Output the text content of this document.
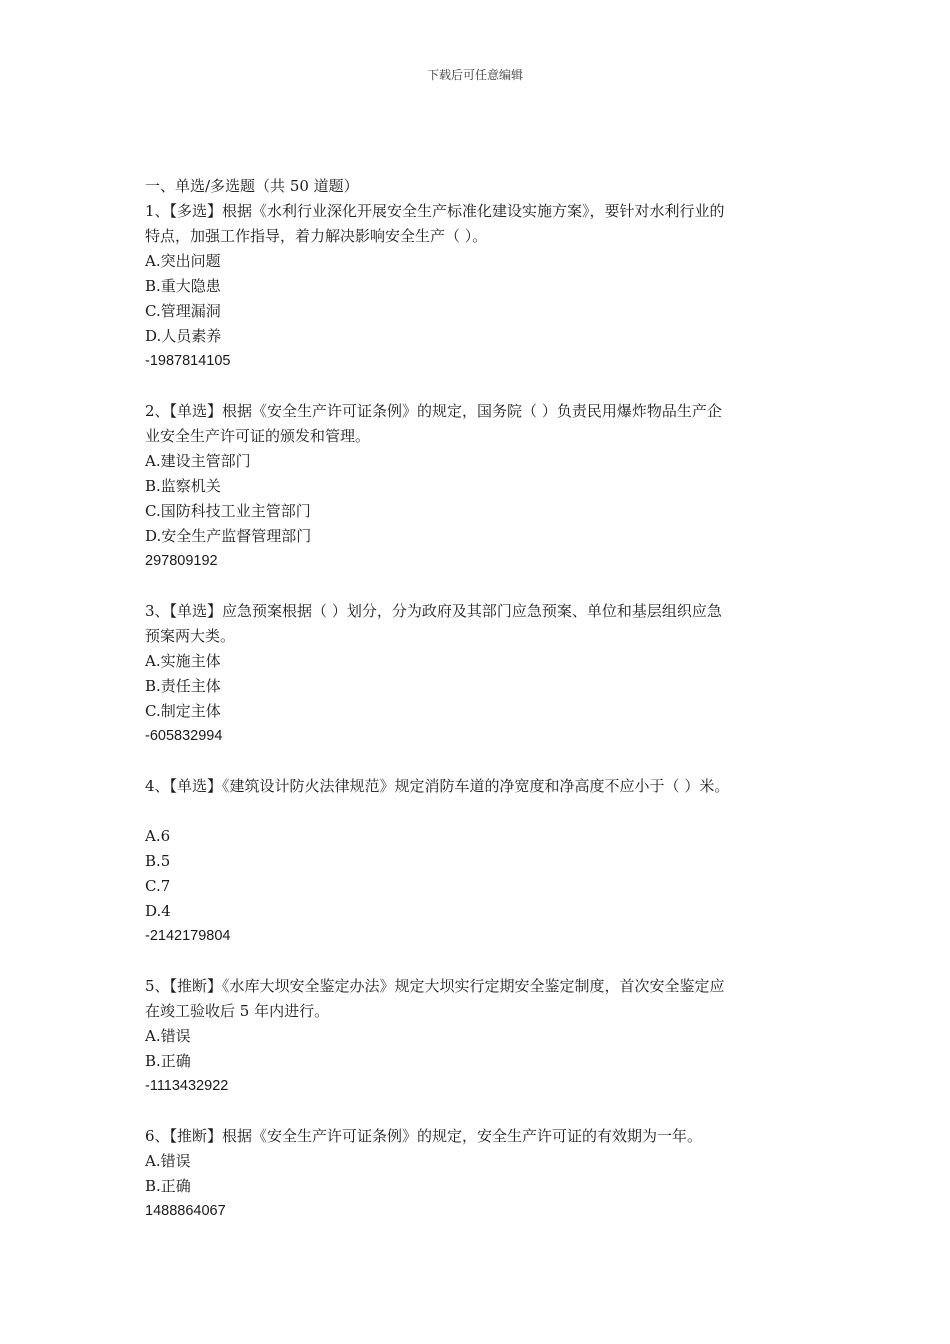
下载后可任意编辑
一、单选/多选题（共 50 道题）
1、【多选】根据《水利行业深化开展安全生产标准化建设实施方案》，要针对水利行业的
特点，加强工作指导，着力解决影响安全生产（ ）。
A.突出问题
B.重大隐患
C.管理漏洞
D.人员素养
-1987814105
2、【单选】根据《安全生产许可证条例》的规定，国务院（ ）负责民用爆炸物品生产企
业安全生产许可证的颁发和管理。
A.建设主管部门
B.监察机关
C.国防科技工业主管部门
D.安全生产监督管理部门
297809192
3、【单选】应急预案根据（ ）划分，分为政府及其部门应急预案、单位和基层组织应急
预案两大类。
A.实施主体
B.责任主体
C.制定主体
-605832994
4、【单选】《建筑设计防火法律规范》规定消防车道的净宽度和净高度不应小于（ ）米。
A.6
B.5
C.7
D.4
-2142179804
5、【推断】《水库大坝安全鉴定办法》规定大坝实行定期安全鉴定制度，首次安全鉴定应
在竣工验收后 5 年内进行。
A.错误
B.正确
-1113432922
6、【推断】根据《安全生产许可证条例》的规定，安全生产许可证的有效期为一年。
A.错误
B.正确
1488864067
